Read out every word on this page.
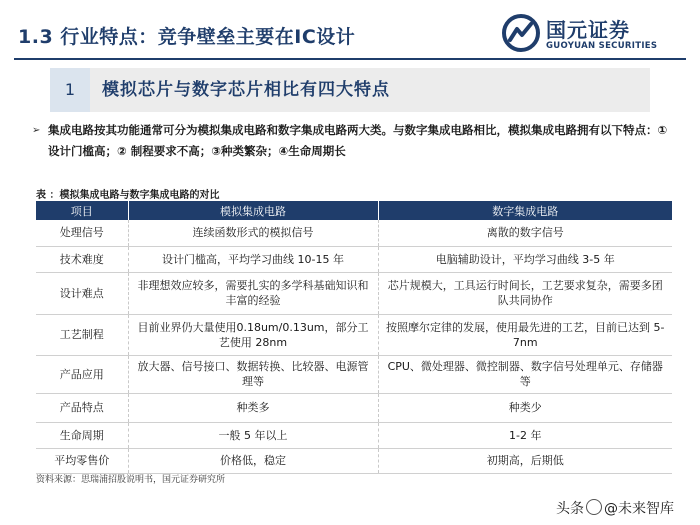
1.3 行业特点：竞争壁垒主要在IC设计	国元证券
GUOYUAN SECURITIES
1	模拟芯片与数字芯片相比有四大特点
➢ 集成电路按其功能通常可分为模拟集成电路和数字集成电路两大类。与数字集成电路相比，模拟集成电路拥有以下特点：① 设计门槛高；② 制程要求不高；③种类繁杂；④生命周期长
表 ：模拟集成电路与数字集成电路的对比
项目	模拟集成电路	数字集成电路
处理信号	连续函数形式的模拟信号	离散的数字信号
技术难度	设计门槛高，平均学习曲线 10-15 年	电脑辅助设计，平均学习曲线 3-5 年
设计难点	非理想效应较多，需要扎实的多学科基础知识和丰富的经验	芯片规模大，工具运行时间长，工艺要求复杂，需要多团队共同协作
工艺制程	目前业界仍大量使用0.18um/0.13um，部分工艺使用 28nm	按照摩尔定律的发展，使用最先进的工艺，目前已达到 5-7nm
产品应用	放大器、信号接口、数据转换、比较器、电源管理等	CPU、微处理器、微控制器、数字信号处理单元、存储器等
产品特点	种类多	种类少
生命周期	一般 5 年以上	1-2 年
平均零售价	价格低，稳定	初期高，后期低
资料来源：思瑞浦招股说明书，国元证券研究所
头条 @未来智库
